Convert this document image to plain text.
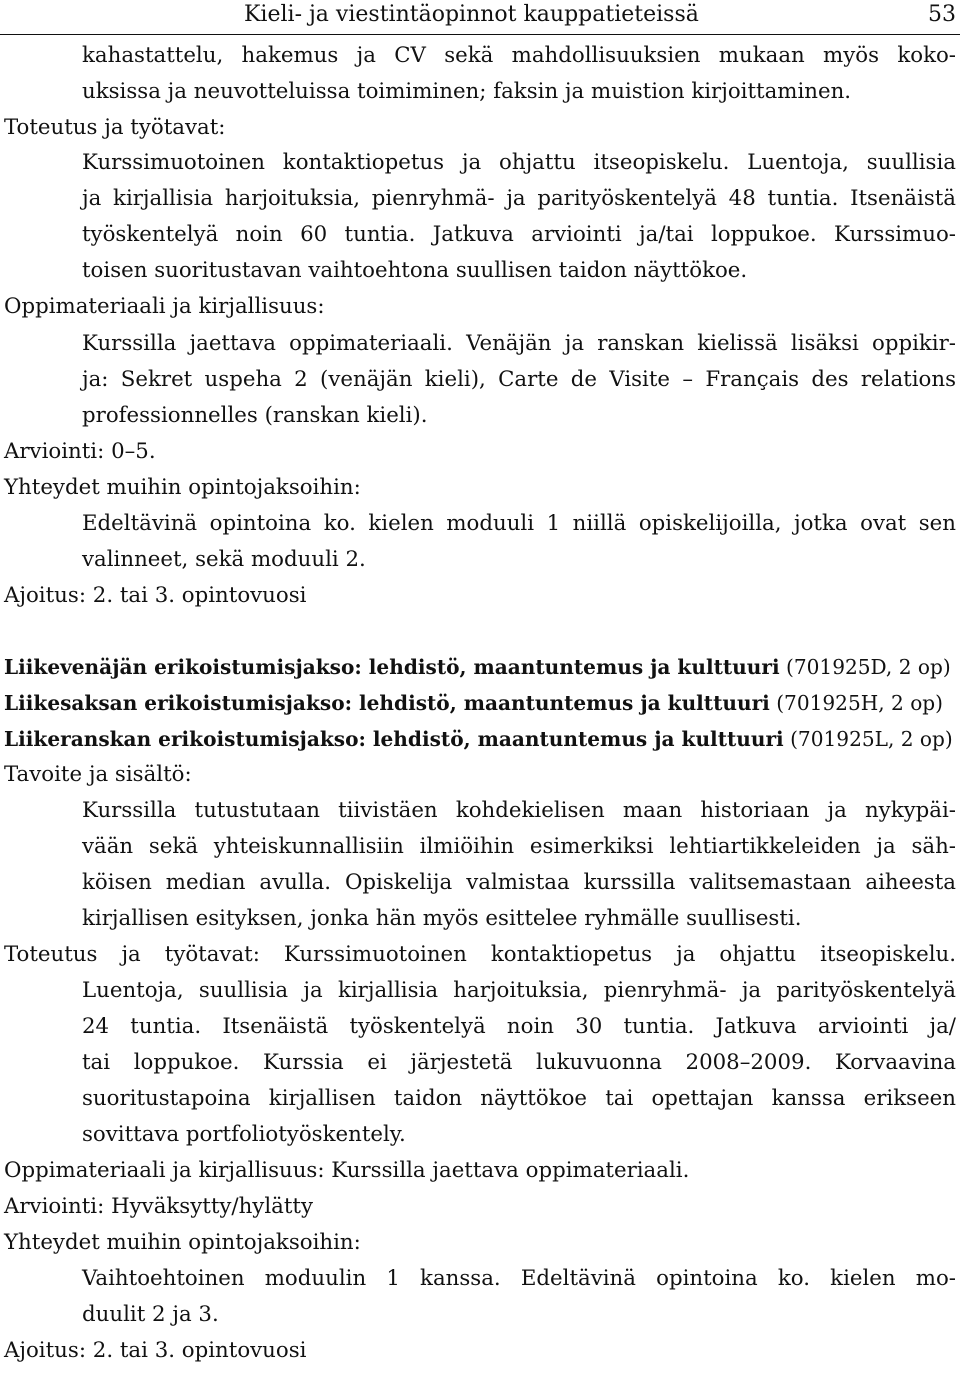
Kieli- ja viestintäopinnot kauppatieteissä	53
kahastattelu, hakemus ja CV sekä mahdollisuuksien mukaan myös koko-
uksissa ja neuvotteluissa toimiminen; faksin ja muistion kirjoittaminen.
Toteutus ja työtavat:
Kurssimuotoinen kontaktiopetus ja ohjattu itseopiskelu. Luentoja, suullisia
ja kirjallisia harjoituksia, pienryhmä- ja parityöskentelyä 48 tuntia. Itsenäistä
työskentelyä noin 60 tuntia. Jatkuva arviointi ja/tai loppukoe. Kurssimuo-
toisen suoritustavan vaihtoehtona suullisen taidon näyttökoe.
Oppimateriaali ja kirjallisuus:
Kurssilla jaettava oppimateriaali. Venäjän ja ranskan kielissä lisäksi oppikir-
ja: Sekret uspeha 2 (venäjän kieli), Carte de Visite – Français des relations
professionnelles (ranskan kieli).
Arviointi: 0–5.
Yhteydet muihin opintojaksoihin:
Edeltävinä opintoina ko. kielen moduuli 1 niillä opiskelijoilla, jotka ovat sen
valinneet, sekä moduuli 2.
Ajoitus: 2. tai 3. opintovuosi
Liikevenäjän erikoistumisjakso: lehdistö, maantuntemus ja kulttuuri (701925D, 2 op)
Liikesaksan erikoistumisjakso: lehdistö, maantuntemus ja kulttuuri (701925H, 2 op)
Liikeranskan erikoistumisjakso: lehdistö, maantuntemus ja kulttuuri (701925L, 2 op)
Tavoite ja sisältö:
Kurssilla tutustutaan tiivistäen kohdekielisen maan historiaan ja nykypäi-
vään sekä yhteiskunnallisiin ilmiöihin esimerkiksi lehtiartikkeleiden ja säh-
köisen median avulla. Opiskelija valmistaa kurssilla valitsemastaan aiheesta
kirjallisen esityksen, jonka hän myös esittelee ryhmälle suullisesti.
Toteutus ja työtavat: Kurssimuotoinen kontaktiopetus ja ohjattu itseopiskelu.
Luentoja, suullisia ja kirjallisia harjoituksia, pienryhmä- ja parityöskentelyä
24 tuntia. Itsenäistä työskentelyä noin 30 tuntia. Jatkuva arviointi ja/
tai loppukoe. Kurssia ei järjestetä lukuvuonna 2008–2009. Korvaavina
suoritustapoina kirjallisen taidon näyttökoe tai opettajan kanssa erikseen
sovittava portfoliotyöskentely.
Oppimateriaali ja kirjallisuus: Kurssilla jaettava oppimateriaali.
Arviointi: Hyväksytty/hylätty
Yhteydet muihin opintojaksoihin:
Vaihtoehtoinen moduulin 1 kanssa. Edeltävinä opintoina ko. kielen mo-
duulit 2 ja 3.
Ajoitus: 2. tai 3. opintovuosi
